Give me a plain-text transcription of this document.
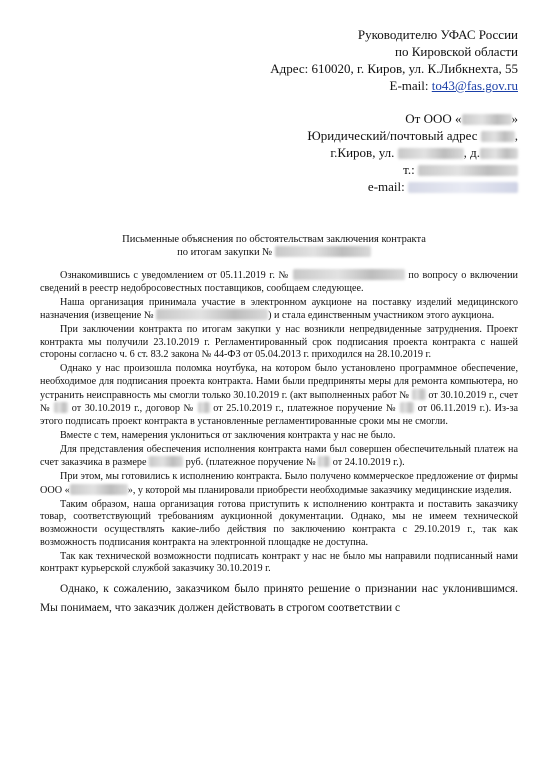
Руководителю УФАС России
по Кировской области
Адрес: 610020, г. Киров, ул. К.Либкнехта, 55
E-mail: to43@fas.gov.ru
От ООО «	»
Юридический/почтовый адрес	,
г.Киров, ул.	, д.
т.:
e-mail:
Письменные объяснения по обстоятельствам заключения контракта
по итогам закупки №

Ознакомившись с уведомлением от 05.11.2019 г. №	по вопросу о включении сведений в реестр недобросовестных поставщиков, сообщаем следующее.

Наша организация принимала участие в электронном аукционе на поставку изделий медицинского назначения (извещение №	) и стала единственным участником этого аукциона.

При заключении контракта по итогам закупки у нас возникли непредвиденные затруднения. Проект контракта мы получили 23.10.2019 г. Регламентированный срок подписания проекта контракта с нашей стороны согласно ч. 6 ст. 83.2 закона № 44-ФЗ от 05.04.2013 г. приходился на 28.10.2019 г.

Однако у нас произошла поломка ноутбука, на котором было установлено программное обеспечение, необходимое для подписания проекта контракта. Нами были предприняты меры для ремонта компьютера, но устранить неисправность мы смогли только 30.10.2019 г. (акт выполненных работ № от 30.10.2019 г., счет № от 30.10.2019 г., договор № от 25.10.2019 г., платежное поручение № от 06.11.2019 г.). Из-за этого подписать проект контракта в установленные регламентированные сроки мы не смогли.

Вместе с тем, намерения уклониться от заключения контракта у нас не было.

Для представления обеспечения исполнения контракта нами был совершен обеспечительный платеж на счет заказчика в размере	руб. (платежное поручение № от 24.10.2019 г.).

При этом, мы готовились к исполнению контракта. Было получено коммерческое предложение от фирмы ООО «	», у которой мы планировали приобрести необходимые заказчику медицинские изделия.

Таким образом, наша организация готова приступить к исполнению контракта и поставить заказчику товар, соответствующий требованиям аукционной документации. Однако, мы не имеем технической возможности осуществлять какие-либо действия по заключению контракта с 29.10.2019 г., так как возможность подписания контракта на электронной площадке не доступна.

Так как технической возможности подписать контракт у нас не было мы направили подписанный нами контракт курьерской службой заказчику 30.10.2019 г.

Однако, к сожалению, заказчиком было принято решение о признании нас уклонившимся. Мы понимаем, что заказчик должен действовать в строгом соответствии с
